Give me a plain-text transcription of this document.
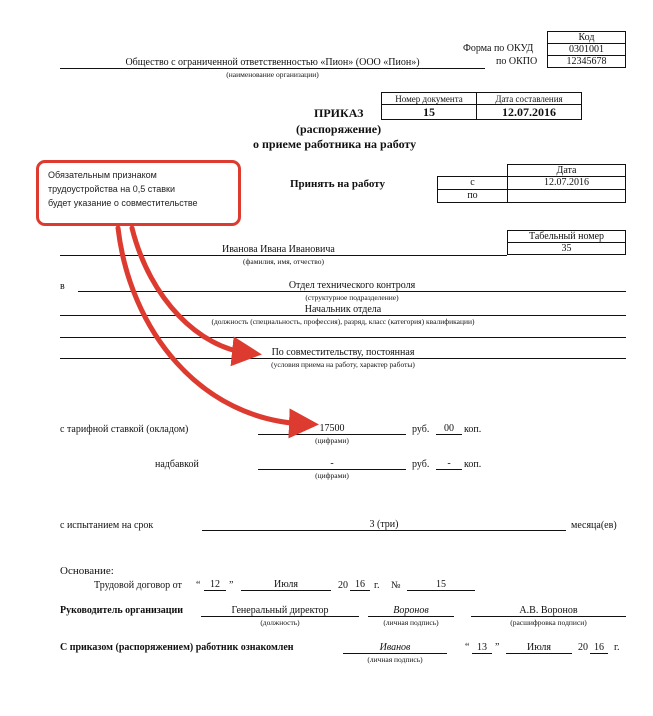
Код
Форма по ОКУД	0301001
по ОКПО	12345678
Общество с ограниченной ответственностью «Пион» (ООО «Пион»)
(наименование организации)
Номер документа	Дата составления
ПРИКАЗ	15	12.07.2016
(распоряжение)
о приеме работника на работу
Обязательным признаком
трудоустройства на 0,5 ставки
будет указание о совместительстве
Принять на работу
Дата
с	12.07.2016
по
Табельный номер
35
Иванова Ивана Ивановича
(фамилия, имя, отчество)
в	Отдел технического контроля
(структурное подразделение)
Начальник отдела
(должность (специальность, профессия), разряд, класс (категория) квалификации)
По совместительству, постоянная
(условия приема на работу, характер работы)
с тарифной ставкой (окладом)	17500
(цифрами)
руб.	00	коп.
надбавкой	-
(цифрами)
руб.	-	коп.
с испытанием на срок	3 (три)	месяца(ев)
Основание:
Трудовой договор от “ 12 ”	Июля	20 16 г. №	15
Руководитель организации	Генеральный директор
(должность)
Воронов
(личная подпись)
А.В. Воронов
(расшифровка подписи)
С приказом (распоряжением) работник ознакомлен	Иванов
(личная подпись)
“ 13 ”	Июля	20 16	г.
